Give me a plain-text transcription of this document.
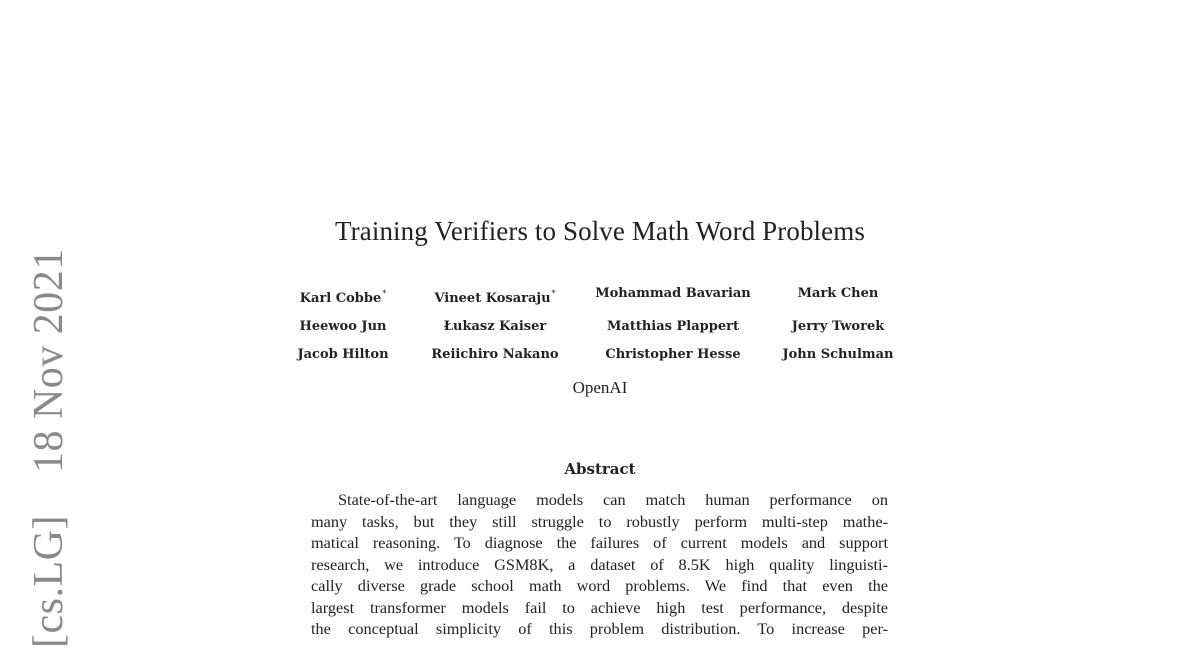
[cs.LG]  18 Nov 2021
Training Verifiers to Solve Math Word Problems
Karl Cobbe*	Vineet Kosaraju*	Mohammad Bavarian	Mark Chen
Heewoo Jun	Łukasz Kaiser	Matthias Plappert	Jerry Tworek
Jacob Hilton	Reiichiro Nakano	Christopher Hesse	John Schulman
OpenAI
Abstract
State-of-the-art language models can match human performance on
many tasks, but they still struggle to robustly perform multi-step mathe-
matical reasoning. To diagnose the failures of current models and support
research, we introduce GSM8K, a dataset of 8.5K high quality linguisti-
cally diverse grade school math word problems. We find that even the
largest transformer models fail to achieve high test performance, despite
the conceptual simplicity of this problem distribution. To increase per-
